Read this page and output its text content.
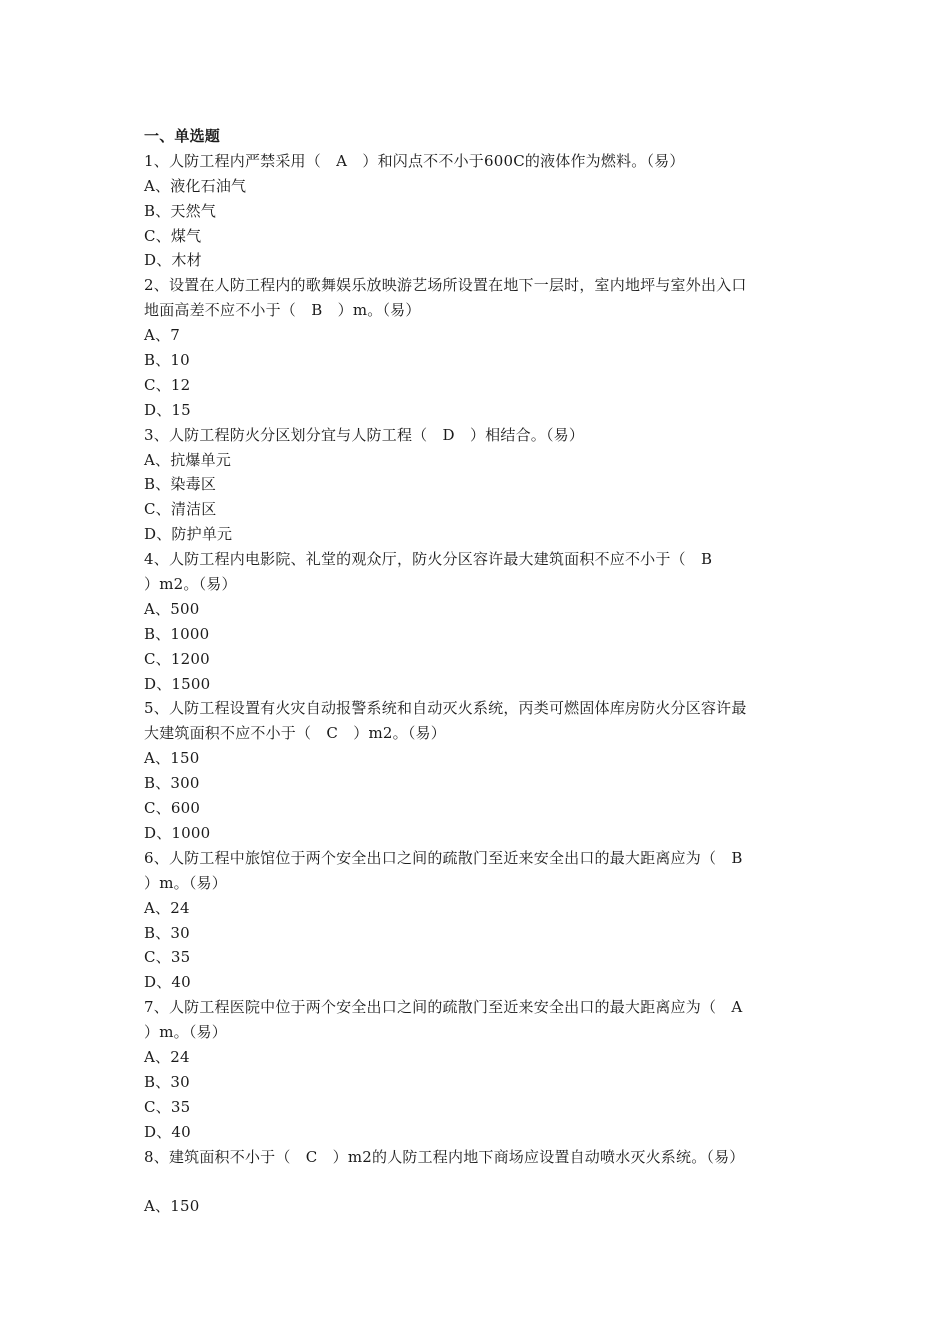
一、单选题
1、人防工程内严禁采用（　A　）和闪点不不小于600C的液体作为燃料。（易）
A、液化石油气
B、天然气
C、煤气
D、木材
2、设置在人防工程内的歌舞娱乐放映游艺场所设置在地下一层时，室内地坪与室外出入口
地面高差不应不小于（　B　）m。（易）
A、7
B、10
C、12
D、15
3、人防工程防火分区划分宜与人防工程（　D　）相结合。（易）
A、抗爆单元
B、染毒区
C、清洁区
D、防护单元
4、人防工程内电影院、礼堂的观众厅，防火分区容许最大建筑面积不应不小于（　B
）m2。（易）
A、500
B、1000
C、1200
D、1500
5、人防工程设置有火灾自动报警系统和自动灭火系统，丙类可燃固体库房防火分区容许最
大建筑面积不应不小于（　C　）m2。（易）
A、150
B、300
C、600
D、1000
6、人防工程中旅馆位于两个安全出口之间的疏散门至近来安全出口的最大距离应为（　B
）m。（易）
A、24
B、30
C、35
D、40
7、人防工程医院中位于两个安全出口之间的疏散门至近来安全出口的最大距离应为（　A
）m。（易）
A、24
B、30
C、35
D、40
8、建筑面积不小于（　C　）m2的人防工程内地下商场应设置自动喷水灭火系统。（易）
A、150
